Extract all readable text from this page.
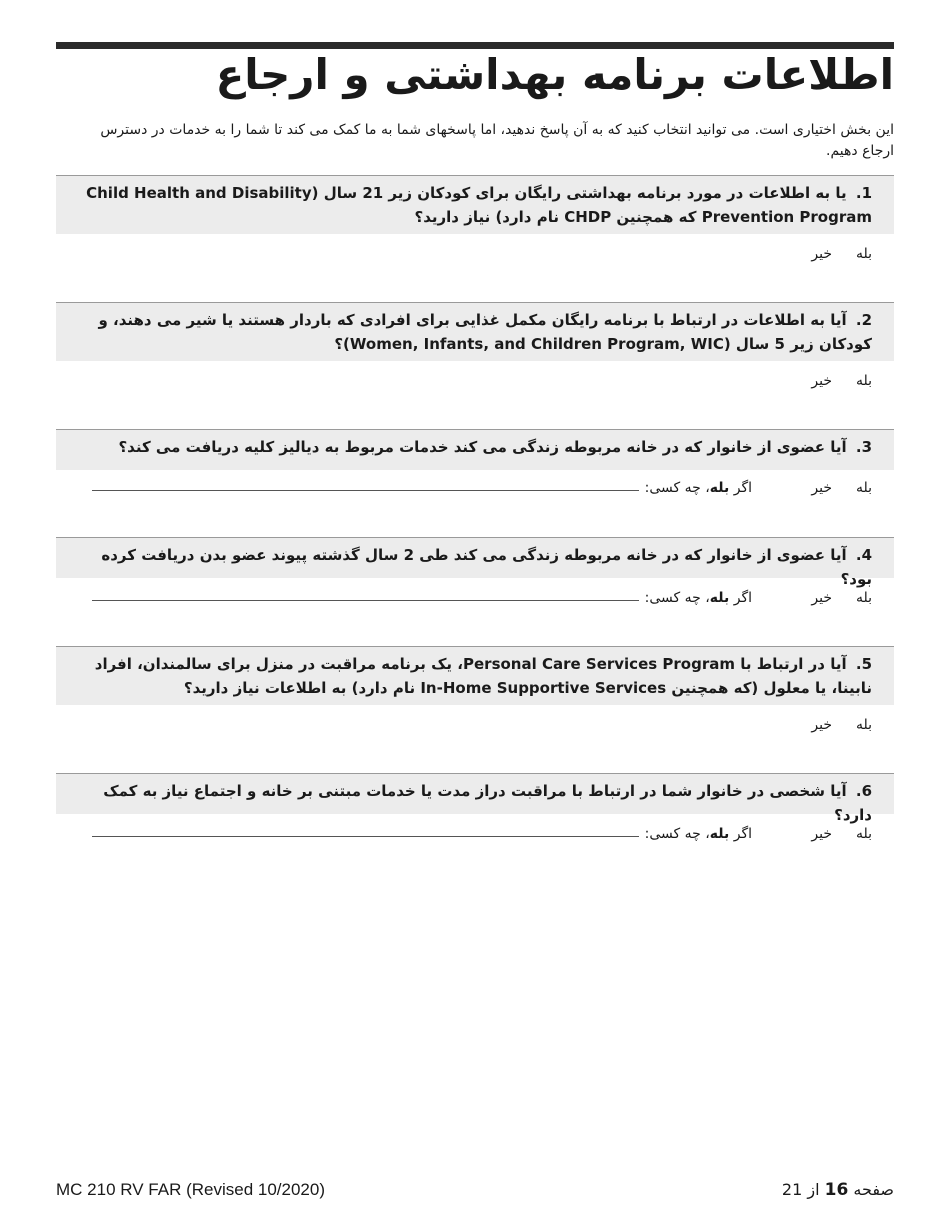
اطلاعات برنامه بهداشتی و ارجاع
این بخش اختیاری است. می توانید انتخاب کنید که به آن پاسخ ندهید، اما پاسخهای شما به ما کمک می کند تا شما را به خدمات در دسترس ارجاع دهیم.
1. یا به اطلاعات در مورد برنامه بهداشتی رایگان برای کودکان زیر 21 سال (Child Health and Disability Prevention Program که همچنین CHDP نام دارد) نیاز دارید؟
بله
خیر
2. آیا به اطلاعات در ارتباط با برنامه رایگان مکمل غذایی برای افرادی که باردار هستند یا شیر می دهند، و کودکان زیر 5 سال (Women, Infants, and Children Program, WIC)؟
بله
خیر
3. آیا عضوی از خانوار که در خانه مربوطه زندگی می کند خدمات مربوط به دیالیز کلیه دریافت می کند؟
بله
خیر
اگر بله، چه کسی:
4. آیا عضوی از خانوار که در خانه مربوطه زندگی می کند طی 2 سال گذشته پیوند عضو بدن دریافت کرده بود؟
بله
خیر
اگر بله، چه کسی:
5. آیا در ارتباط با Personal Care Services Program، یک برنامه مراقبت در منزل برای سالمندان، افراد نابینا، یا معلول (که همچنین In-Home Supportive Services نام دارد) به اطلاعات نیاز دارید؟
بله
خیر
6. آیا شخصی در خانوار شما در ارتباط با مراقبت دراز مدت یا خدمات مبتنی بر خانه و اجتماع نیاز به کمک دارد؟
بله
خیر
اگر بله، چه کسی:
MC 210 RV FAR (Revised 10/2020)	صفحه 16 از 21
